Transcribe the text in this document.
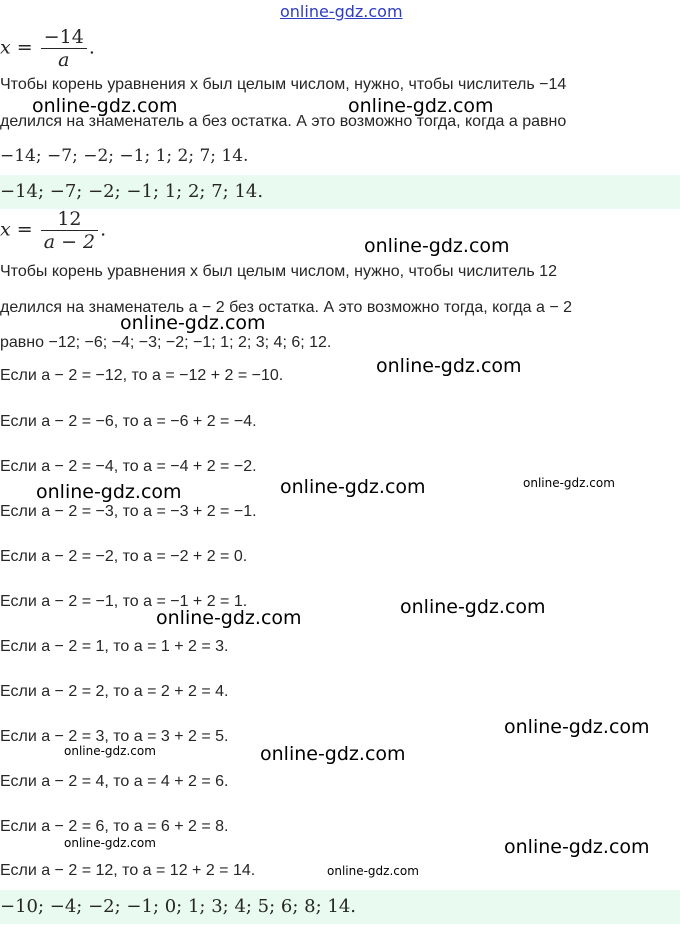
online-gdz.com
$x = \frac{-14}{a}$ .
Чтобы корень уравнения x был целым числом, нужно, чтобы числитель −14
делился на знаменатель a без остатка. А это возможно тогда, когда a равно
−14; −7; −2; −1; 1; 2; 7; 14.
−14; −7; −2; −1; 1; 2; 7; 14.
$x = \frac{12}{a - 2}$ .
Чтобы корень уравнения x был целым числом, нужно, чтобы числитель 12
делился на знаменатель a − 2 без остатка. А это возможно тогда, когда a − 2
равно −12; −6; −4; −3; −2; −1; 1; 2; 3; 4; 6; 12.
Если a − 2 = −12, то a = −12 + 2 = −10.
Если a − 2 = −6, то a = −6 + 2 = −4.
Если a − 2 = −4, то a = −4 + 2 = −2.
Если a − 2 = −3, то a = −3 + 2 = −1.
Если a − 2 = −2, то a = −2 + 2 = 0.
Если a − 2 = −1, то a = −1 + 2 = 1.
Если a − 2 = 1, то a = 1 + 2 = 3.
Если a − 2 = 2, то a = 2 + 2 = 4.
Если a − 2 = 3, то a = 3 + 2 = 5.
Если a − 2 = 4, то a = 4 + 2 = 6.
Если a − 2 = 6, то a = 6 + 2 = 8.
Если a − 2 = 12, то a = 12 + 2 = 14.
−10; −4; −2; −1; 0; 1; 3; 4; 5; 6; 8; 14.
online-gdz.com	online-gdz.com
online-gdz.com
online-gdz.com
online-gdz.com
online-gdz.com	online-gdz.com	online-gdz.com
online-gdz.com
online-gdz.com
online-gdz.com
online-gdz.com	online-gdz.com
online-gdz.com	online-gdz.com
online-gdz.com
